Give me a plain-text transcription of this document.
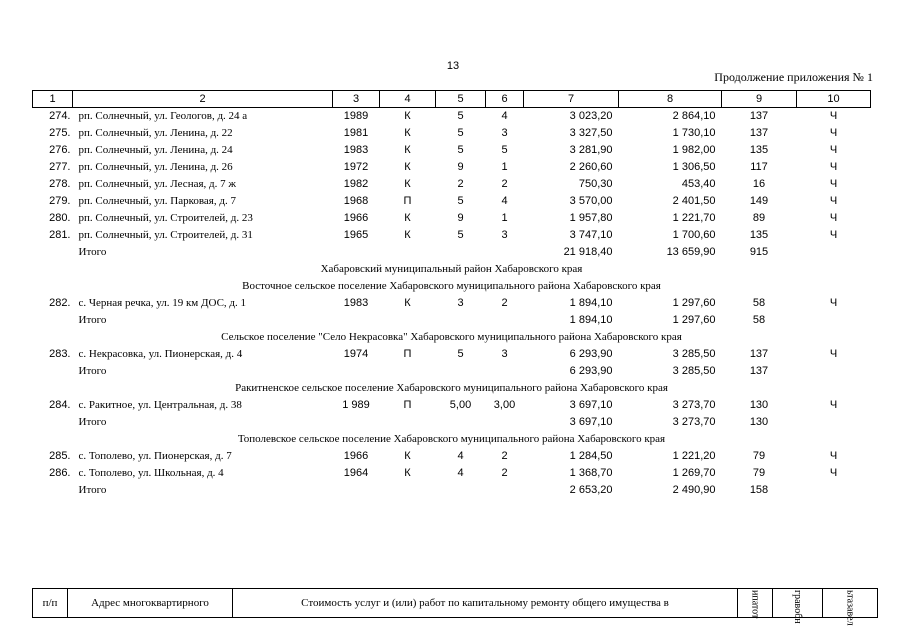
13
Продолжение приложения № 1
1	2	3	4	5	6	7	8	9	10
274.	рп. Солнечный, ул. Геологов, д. 24 а	1989	К	5	4	3 023,20	2 864,10	137	Ч
275.	рп. Солнечный, ул. Ленина, д. 22	1981	К	5	3	3 327,50	1 730,10	137	Ч
276.	рп. Солнечный, ул. Ленина, д. 24	1983	К	5	5	3 281,90	1 982,00	135	Ч
277.	рп. Солнечный, ул. Ленина, д. 26	1972	К	9	1	2 260,60	1 306,50	117	Ч
278.	рп. Солнечный, ул. Лесная, д. 7 ж	1982	К	2	2	750,30	453,40	16	Ч
279.	рп. Солнечный, ул. Парковая, д. 7	1968	П	5	4	3 570,00	2 401,50	149	Ч
280.	рп. Солнечный, ул. Строителей, д. 23	1966	К	9	1	1 957,80	1 221,70	89	Ч
281.	рп. Солнечный, ул. Строителей, д. 31	1965	К	5	3	3 747,10	1 700,60	135	Ч
	Итого					21 918,40	13 659,90	915	
Хабаровский муниципальный район Хабаровского края									
Восточное сельское поселение Хабаровского муниципального района Хабаровского края									
282.	с. Черная речка, ул. 19 км ДОС, д. 1	1983	К	3	2	1 894,10	1 297,60	58	Ч
	Итого					1 894,10	1 297,60	58	
Сельское поселение "Село Некрасовка" Хабаровского муниципального района Хабаровского края									
283.	с. Некрасовка, ул. Пионерская, д. 4	1974	П	5	3	6 293,90	3 285,50	137	Ч
	Итого					6 293,90	3 285,50	137	
Ракитненское сельское поселение Хабаровского муниципального района Хабаровского края									
284.	с. Ракитное, ул. Центральная, д. 38	1 989	П	5,00	3,00	3 697,10	3 273,70	130	Ч
	Итого					3 697,10	3 273,70	130	
Тополевское сельское поселение Хабаровского муниципального района Хабаровского края									
285.	с. Тополево, ул. Пионерская, д. 7	1966	К	4	2	1 284,50	1 221,20	79	Ч
286.	с. Тополево, ул. Школьная, д. 4	1964	К	4	2	1 368,70	1 269,70	79	Ч
	Итого					2 653,20	2 490,90	158	
п/п	Адрес многоквартирного	Стоимость услуг и (или) работ по капитальному ремонту общего имущества в	ипатот	гравобн	ьтазавел
